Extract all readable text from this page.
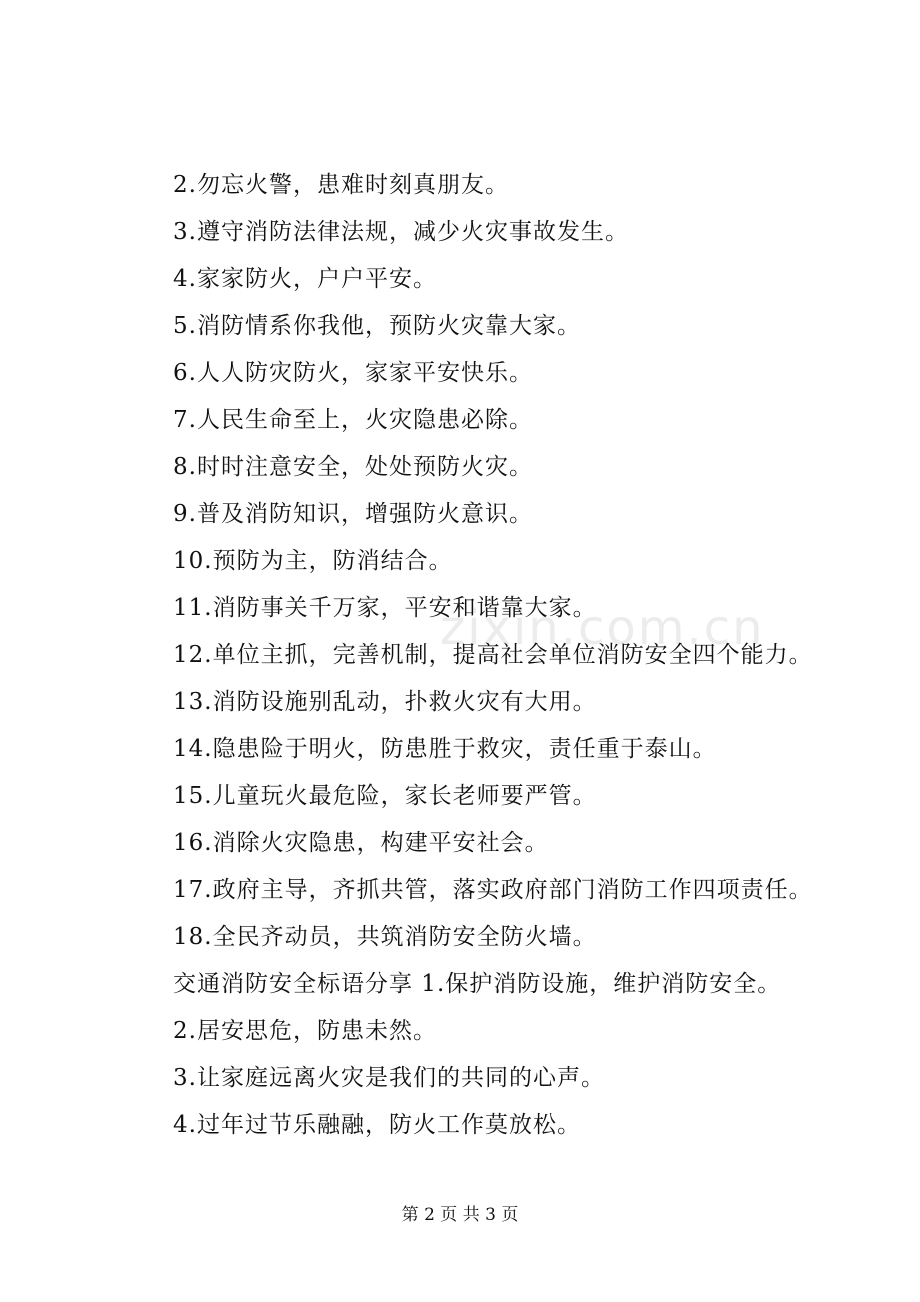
zixin.com.cn
2.勿忘火警，患难时刻真朋友。
3.遵守消防法律法规，减少火灾事故发生。
4.家家防火，户户平安。
5.消防情系你我他，预防火灾靠大家。
6.人人防灾防火，家家平安快乐。
7.人民生命至上，火灾隐患必除。
8.时时注意安全，处处预防火灾。
9.普及消防知识，增强防火意识。
10.预防为主，防消结合。
11.消防事关千万家，平安和谐靠大家。
12.单位主抓，完善机制，提高社会单位消防安全四个能力。
13.消防设施别乱动，扑救火灾有大用。
14.隐患险于明火，防患胜于救灾，责任重于泰山。
15.儿童玩火最危险，家长老师要严管。
16.消除火灾隐患，构建平安社会。
17.政府主导，齐抓共管，落实政府部门消防工作四项责任。
18.全民齐动员，共筑消防安全防火墙。
交通消防安全标语分享 1.保护消防设施，维护消防安全。
2.居安思危，防患未然。
3.让家庭远离火灾是我们的共同的心声。
4.过年过节乐融融，防火工作莫放松。
第 2 页 共 3 页
